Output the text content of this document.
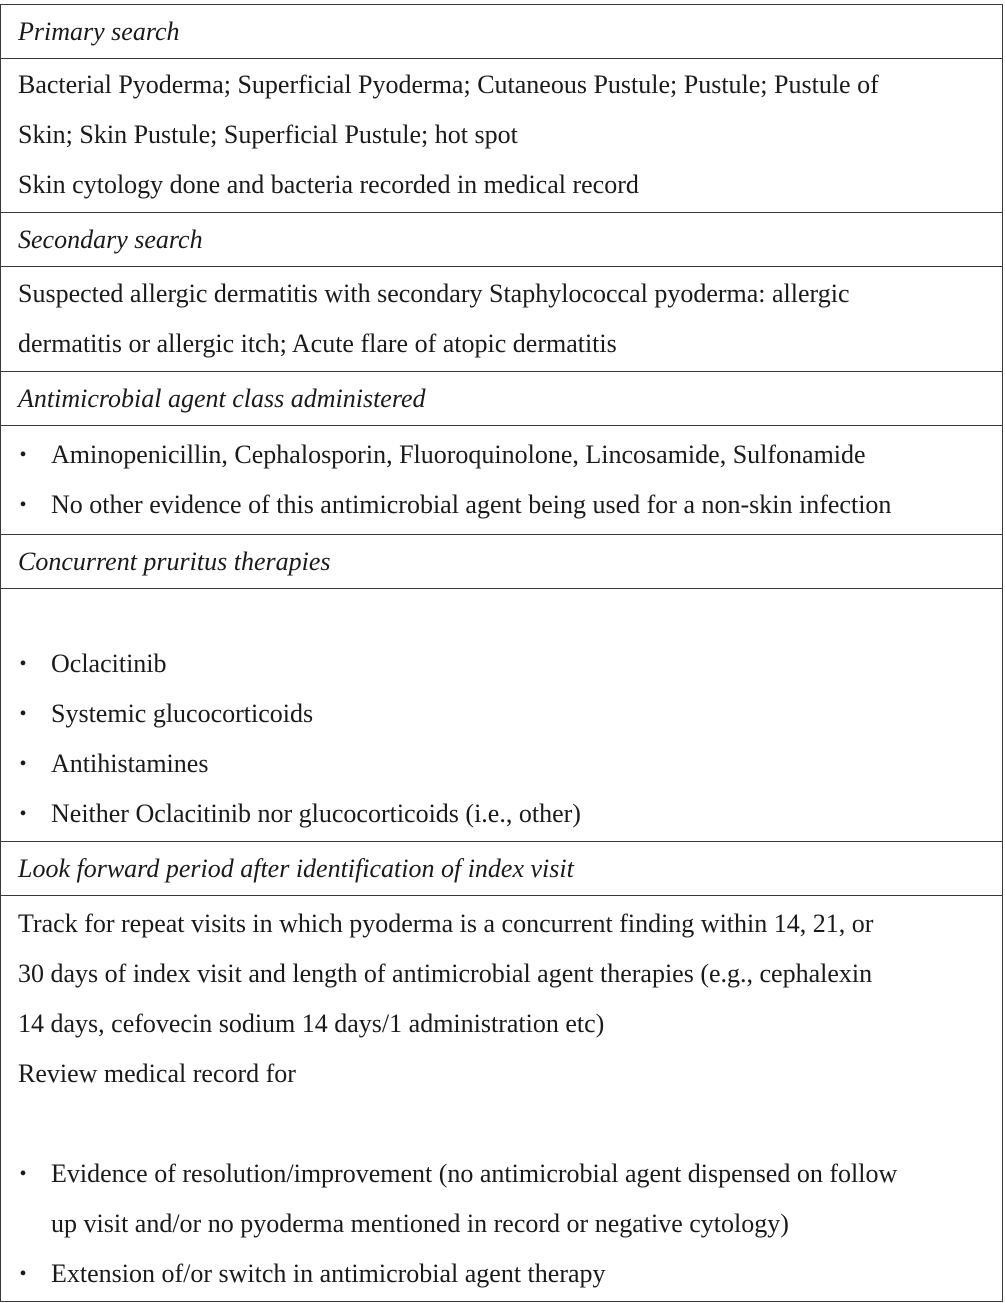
Primary search
Bacterial Pyoderma; Superficial Pyoderma; Cutaneous Pustule; Pustule; Pustule of
Skin; Skin Pustule; Superficial Pustule; hot spot
Skin cytology done and bacteria recorded in medical record
Secondary search
Suspected allergic dermatitis with secondary Staphylococcal pyoderma: allergic
dermatitis or allergic itch; Acute flare of atopic dermatitis
Antimicrobial agent class administered
• Aminopenicillin, Cephalosporin, Fluoroquinolone, Lincosamide, Sulfonamide
• No other evidence of this antimicrobial agent being used for a non-skin infection
Concurrent pruritus therapies
• Oclacitinib
• Systemic glucocorticoids
• Antihistamines
• Neither Oclacitinib nor glucocorticoids (i.e., other)
Look forward period after identification of index visit
Track for repeat visits in which pyoderma is a concurrent finding within 14, 21, or
30 days of index visit and length of antimicrobial agent therapies (e.g., cephalexin
14 days, cefovecin sodium 14 days/1 administration etc)
Review medical record for
• Evidence of resolution/improvement (no antimicrobial agent dispensed on follow
up visit and/or no pyoderma mentioned in record or negative cytology)
• Extension of/or switch in antimicrobial agent therapy
